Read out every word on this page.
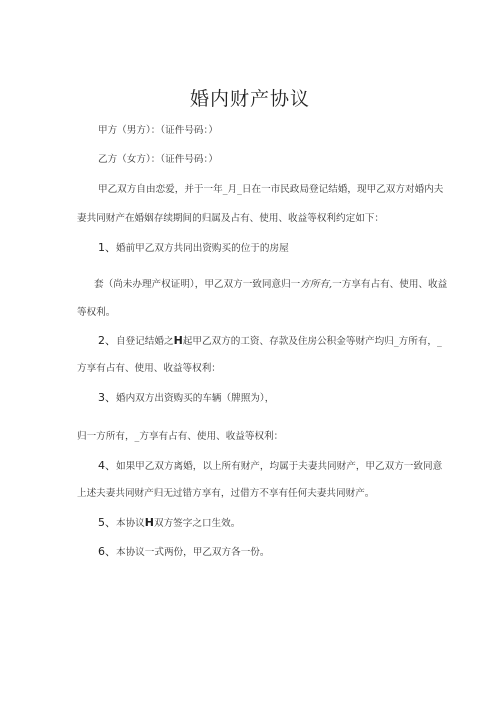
婚内财产协议
甲方（男方）：（证件号码：）
乙方（女方）：（证件号码：）
甲乙双方自由恋爱，并于一年_月_日在一市民政局登记结婚，现甲乙双方对婚内夫
妻共同财产在婚姻存续期间的归属及占有、使用、收益等权利约定如下：
1、婚前甲乙双方共同出资购买的位于的房屋
套（尚未办理产权证明），甲乙双方一致同意归一方所有,一方享有占有、使用、收益
等权利。
2、自登记结婚之H起甲乙双方的工资、存款及住房公积金等财产均归_方所有，_
方享有占有、使用、收益等权利：
3、婚内双方出资购买的车辆（牌照为），
归一方所有，_方享有占有、使用、收益等权利：
4、如果甲乙双方离婚，以上所有财产，均属于夫妻共同财产，甲乙双方一致同意
上述夫妻共同财产归无过错方享有，过借方不享有任何夫妻共同财产。
5、本协议H双方签字之口生效。
6、本协议一式两份，甲乙双方各一份。
